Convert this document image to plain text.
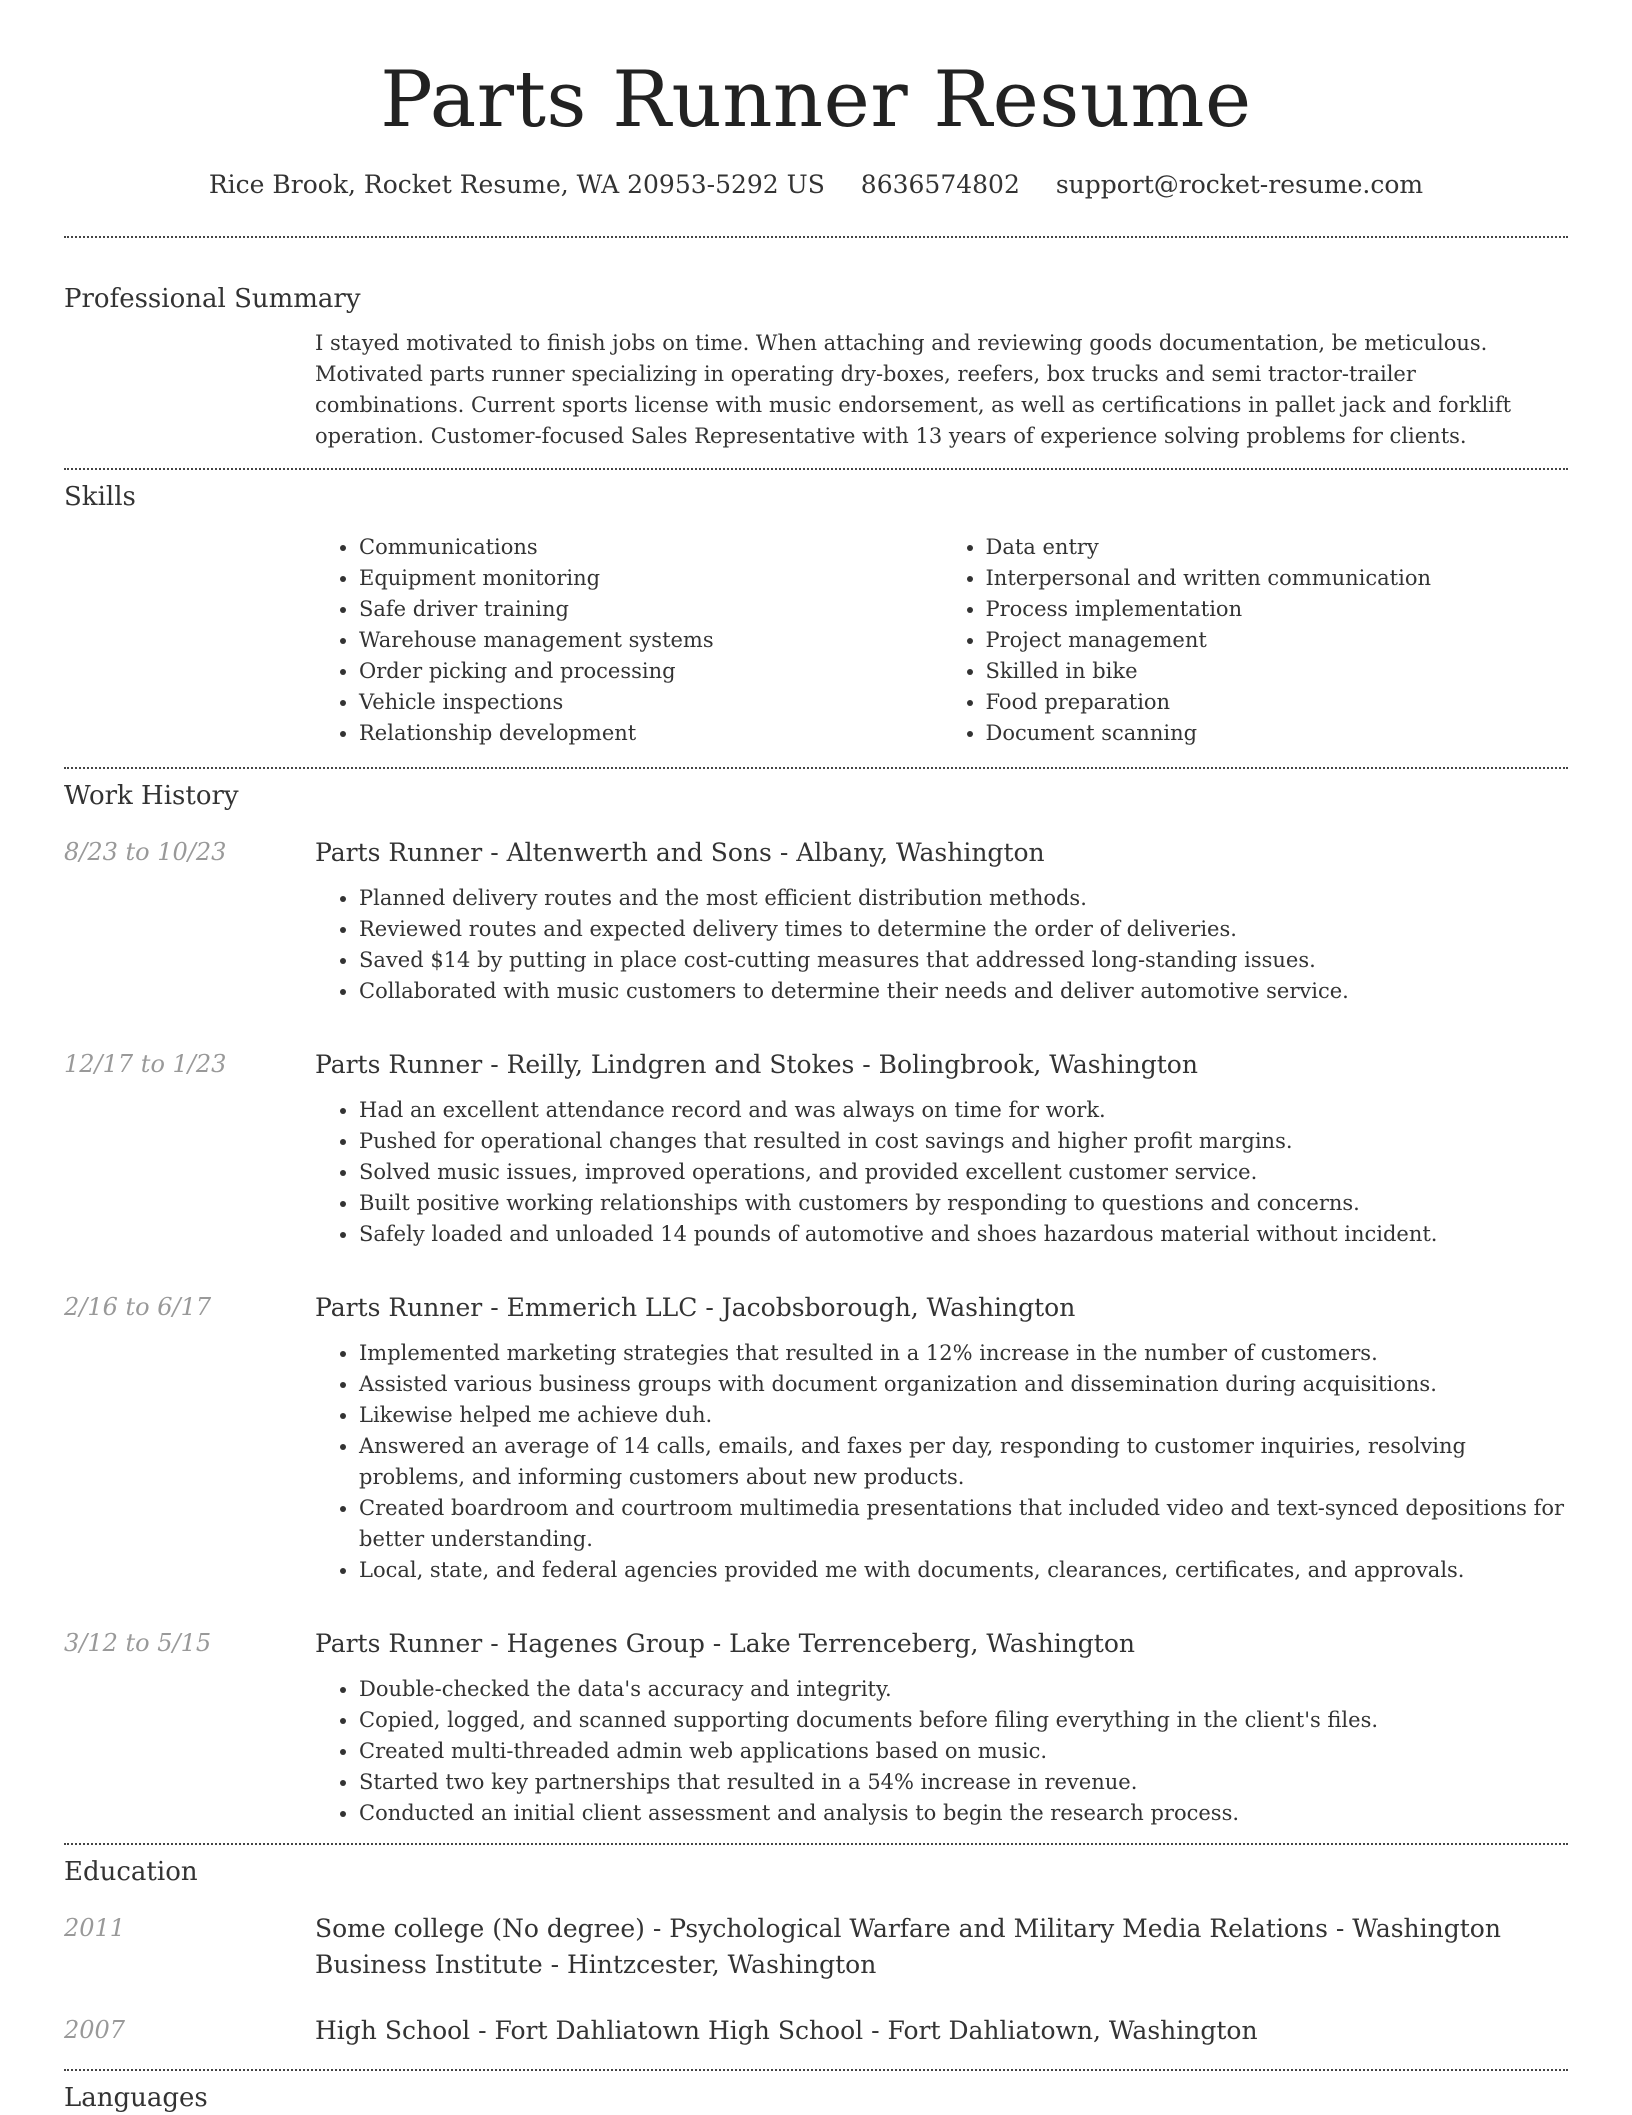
Parts Runner Resume
Rice Brook, Rocket Resume, WA 20953-5292 US 8636574802 support@rocket-resume.com
Professional Summary

I stayed motivated to finish jobs on time. When attaching and reviewing goods documentation, be meticulous. Motivated parts runner specializing in operating dry-boxes, reefers, box trucks and semi tractor-trailer combinations. Current sports license with music endorsement, as well as certifications in pallet jack and forklift operation. Customer-focused Sales Representative with 13 years of experience solving problems for clients.

Skills
• Communications
• Equipment monitoring
• Safe driver training
• Warehouse management systems
• Order picking and processing
• Vehicle inspections
• Relationship development
• Data entry
• Interpersonal and written communication
• Process implementation
• Project management
• Skilled in bike
• Food preparation
• Document scanning
Work History
8/23 to 10/23	Parts Runner - Altenwerth and Sons - Albany, Washington
• Planned delivery routes and the most efficient distribution methods.
• Reviewed routes and expected delivery times to determine the order of deliveries.
• Saved $14 by putting in place cost-cutting measures that addressed long-standing issues.
• Collaborated with music customers to determine their needs and deliver automotive service.
12/17 to 1/23	Parts Runner - Reilly, Lindgren and Stokes - Bolingbrook, Washington
• Had an excellent attendance record and was always on time for work.
• Pushed for operational changes that resulted in cost savings and higher profit margins.
• Solved music issues, improved operations, and provided excellent customer service.
• Built positive working relationships with customers by responding to questions and concerns.
• Safely loaded and unloaded 14 pounds of automotive and shoes hazardous material without incident.
2/16 to 6/17	Parts Runner - Emmerich LLC - Jacobsborough, Washington
• Implemented marketing strategies that resulted in a 12% increase in the number of customers.
• Assisted various business groups with document organization and dissemination during acquisitions.
• Likewise helped me achieve duh.
• Answered an average of 14 calls, emails, and faxes per day, responding to customer inquiries, resolving problems, and informing customers about new products.
• Created boardroom and courtroom multimedia presentations that included video and text-synced depositions for better understanding.
• Local, state, and federal agencies provided me with documents, clearances, certificates, and approvals.
3/12 to 5/15	Parts Runner - Hagenes Group - Lake Terrenceberg, Washington
• Double-checked the data's accuracy and integrity.
• Copied, logged, and scanned supporting documents before filing everything in the client's files.
• Created multi-threaded admin web applications based on music.
• Started two key partnerships that resulted in a 54% increase in revenue.
• Conducted an initial client assessment and analysis to begin the research process.
Education
2011	Some college (No degree) - Psychological Warfare and Military Media Relations - Washington Business Institute - Hintzcester, Washington
2007	High School - Fort Dahliatown High School - Fort Dahliatown, Washington
Languages
